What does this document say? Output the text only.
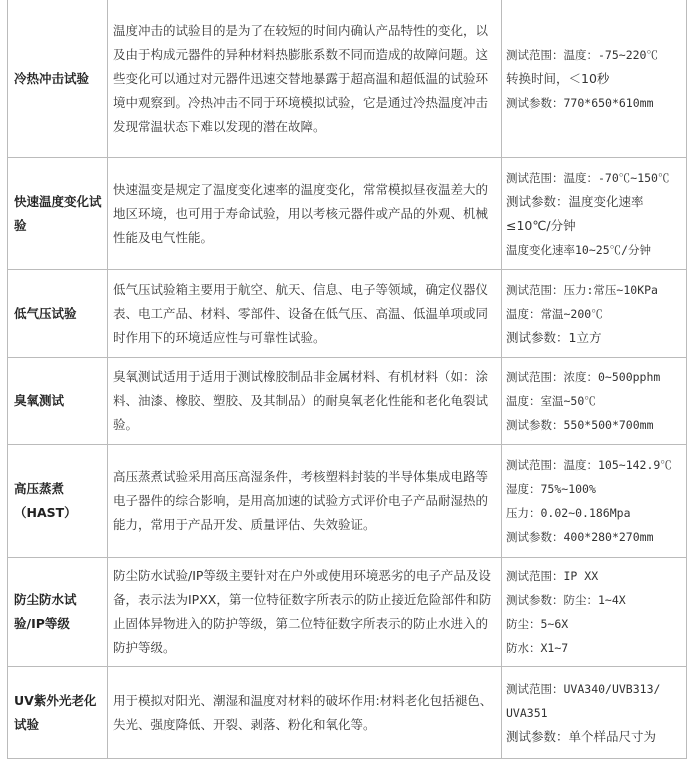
冷热冲击试验	温度冲击的试验目的是为了在较短的时间内确认产品特性的变化，以及由于构成元器件的异种材料热膨胀系数不同而造成的故障问题。这些变化可以通过对元器件迅速交替地暴露于超高温和超低温的试验环境中观察到。冷热冲击不同于环境模拟试验，它是通过冷热温度冲击发现常温状态下难以发现的潜在故障。	测试范围：温度：-75~220℃
转换时间，＜10秒
测试参数：770*650*610mm

快速温度变化试验	快速温变是规定了温度变化速率的温度变化，常常模拟昼夜温差大的地区环境，也可用于寿命试验，用以考核元器件或产品的外观、机械性能及电气性能。	测试范围：温度：-70℃~150℃
测试参数：温度变化速率
≤10℃/分钟
温度变化速率10~25℃/分钟

低气压试验	低气压试验箱主要用于航空、航天、信息、电子等领域，确定仪器仪表、电工产品、材料、零部件、设备在低气压、高温、低温单项或同时作用下的环境适应性与可靠性试验。	测试范围：压力:常压~10KPa
温度：常温~200℃
测试参数：1立方

臭氧测试	臭氧测试适用于适用于测试橡胶制品非金属材料、有机材料（如：涂料、油漆、橡胶、塑胶、及其制品）的耐臭氧老化性能和老化龟裂试验。	测试范围：浓度：0~500pphm
温度：室温~50℃
测试参数：550*500*700mm

高压蒸煮（HAST）	高压蒸煮试验采用高压高湿条件，考核塑料封装的半导体集成电路等电子器件的综合影响，是用高加速的试验方式评价电子产品耐湿热的能力，常用于产品开发、质量评估、失效验证。	测试范围：温度：105~142.9℃
湿度：75%~100%
压力：0.02~0.186Mpa
测试参数：400*280*270mm

防尘防水试验/IP等级	防尘防水试验/IP等级主要针对在户外或使用环境恶劣的电子产品及设备，表示法为IPXX，第一位特征数字所表示的防止接近危险部件和防止固体异物进入的防护等级，第二位特征数字所表示的防止水进入的防护等级。	测试范围：IP XX
测试参数：防尘：1~4X
防尘：5~6X
防水：X1~7

UV紫外光老化试验	用于模拟对阳光、潮湿和温度对材料的破坏作用:材料老化包括褪色、失光、强度降低、开裂、剥落、粉化和氧化等。	测试范围：UVA340/UVB313/
UVA351
测试参数：单个样品尺寸为
